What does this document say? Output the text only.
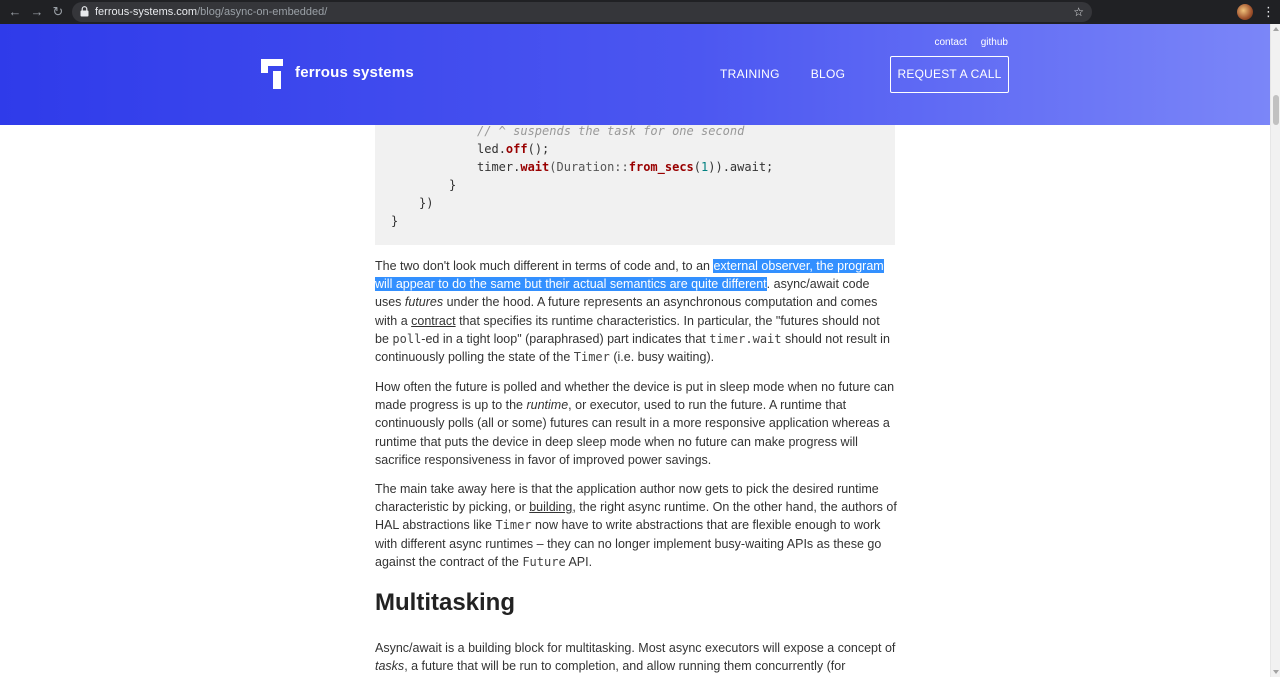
← → ↻	ferrous-systems.com/blog/async-on-embedded/	☆	⋮
ferrous systems
contact github
TRAINING	BLOG	REQUEST A CALL
// ^ suspends the task for one second
led.off();
timer.wait(Duration::from_secs(1)).await;
}
})
}

The two don't look much different in terms of code and, to an external observer, the program will appear to do the same but their actual semantics are quite different. async/await code uses futures under the hood. A future represents an asynchronous computation and comes with a contract that specifies its runtime characteristics. In particular, the "futures should not be poll-ed in a tight loop" (paraphrased) part indicates that timer.wait should not result in continuously polling the state of the Timer (i.e. busy waiting).

How often the future is polled and whether the device is put in sleep mode when no future can made progress is up to the runtime, or executor, used to run the future. A runtime that continuously polls (all or some) futures can result in a more responsive application whereas a runtime that puts the device in deep sleep mode when no future can make progress will sacrifice responsiveness in favor of improved power savings.

The main take away here is that the application author now gets to pick the desired runtime characteristic by picking, or building, the right async runtime. On the other hand, the authors of HAL abstractions like Timer now have to write abstractions that are flexible enough to work with different async runtimes – they can no longer implement busy-waiting APIs as these go against the contract of the Future API.

Multitasking

Async/await is a building block for multitasking. Most async executors will expose a concept of tasks, a future that will be run to completion, and allow running them concurrently (for
